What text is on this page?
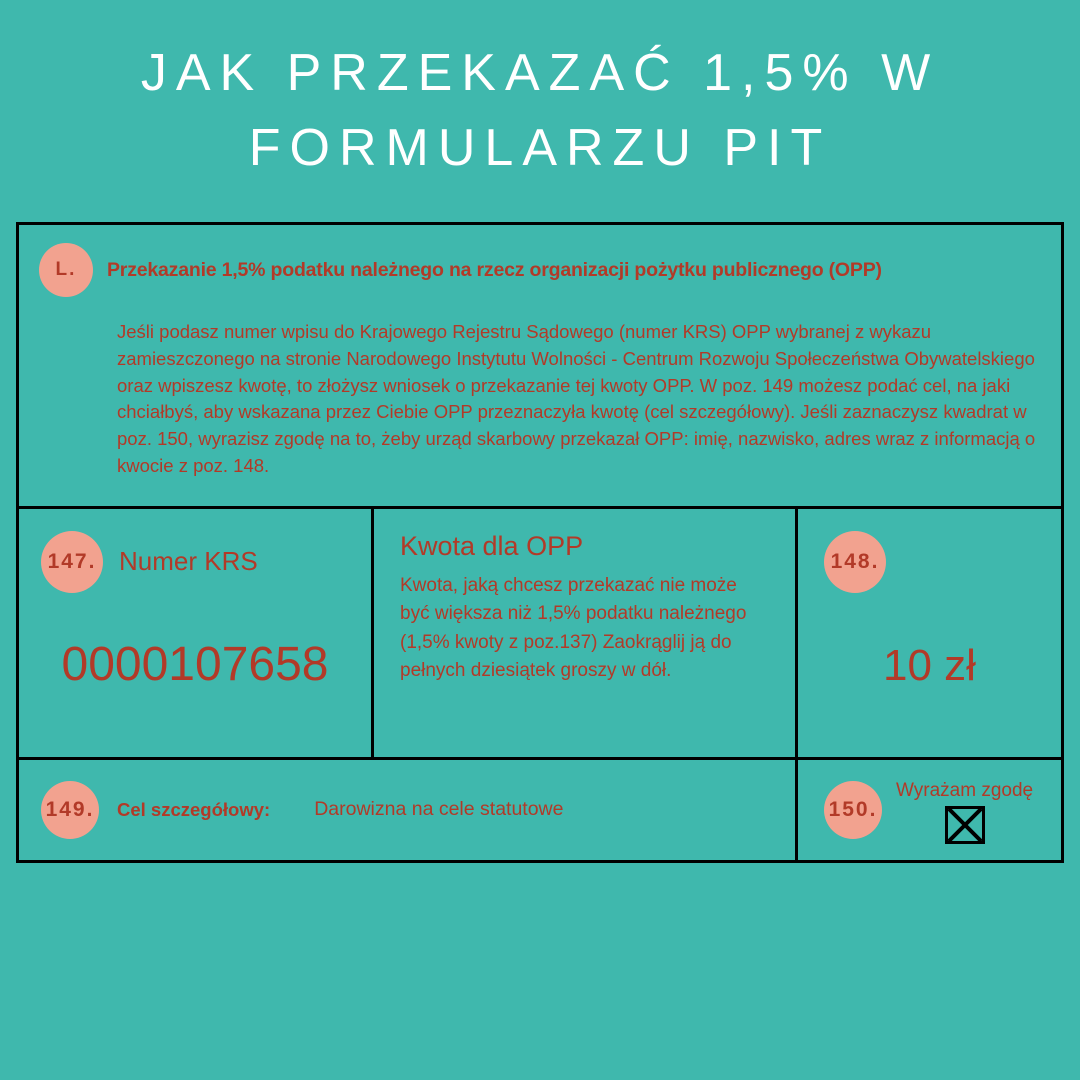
JAK PRZEKAZAĆ 1,5% W
FORMULARZU PIT
L.	Przekazanie 1,5% podatku należnego na rzecz organizacji pożytku publicznego (OPP)
Jeśli podasz numer wpisu do Krajowego Rejestru Sądowego (numer KRS) OPP wybranej z wykazu zamieszczonego na stronie Narodowego Instytutu Wolności - Centrum Rozwoju Społeczeństwa Obywatelskiego oraz wpiszesz kwotę, to złożysz wniosek o przekazanie tej kwoty OPP. W poz. 149 możesz podać cel, na jaki chciałbyś, aby wskazana przez Ciebie OPP przeznaczyła kwotę (cel szczegółowy). Jeśli zaznaczysz kwadrat w poz. 150, wyrazisz zgodę na to, żeby urząd skarbowy przekazał OPP: imię, nazwisko, adres wraz z informacją o kwocie z poz. 148.
147. Numer KRS
0000107658
Kwota dla OPP
Kwota, jaką chcesz przekazać nie może być większa niż 1,5% podatku należnego (1,5% kwoty z poz.137) Zaokrąglij ją do pełnych dziesiątek groszy w dół.
148.
10 zł
149. Cel szczegółowy: Darowizna na cele statutowe	150.
Wyrażam zgodę
